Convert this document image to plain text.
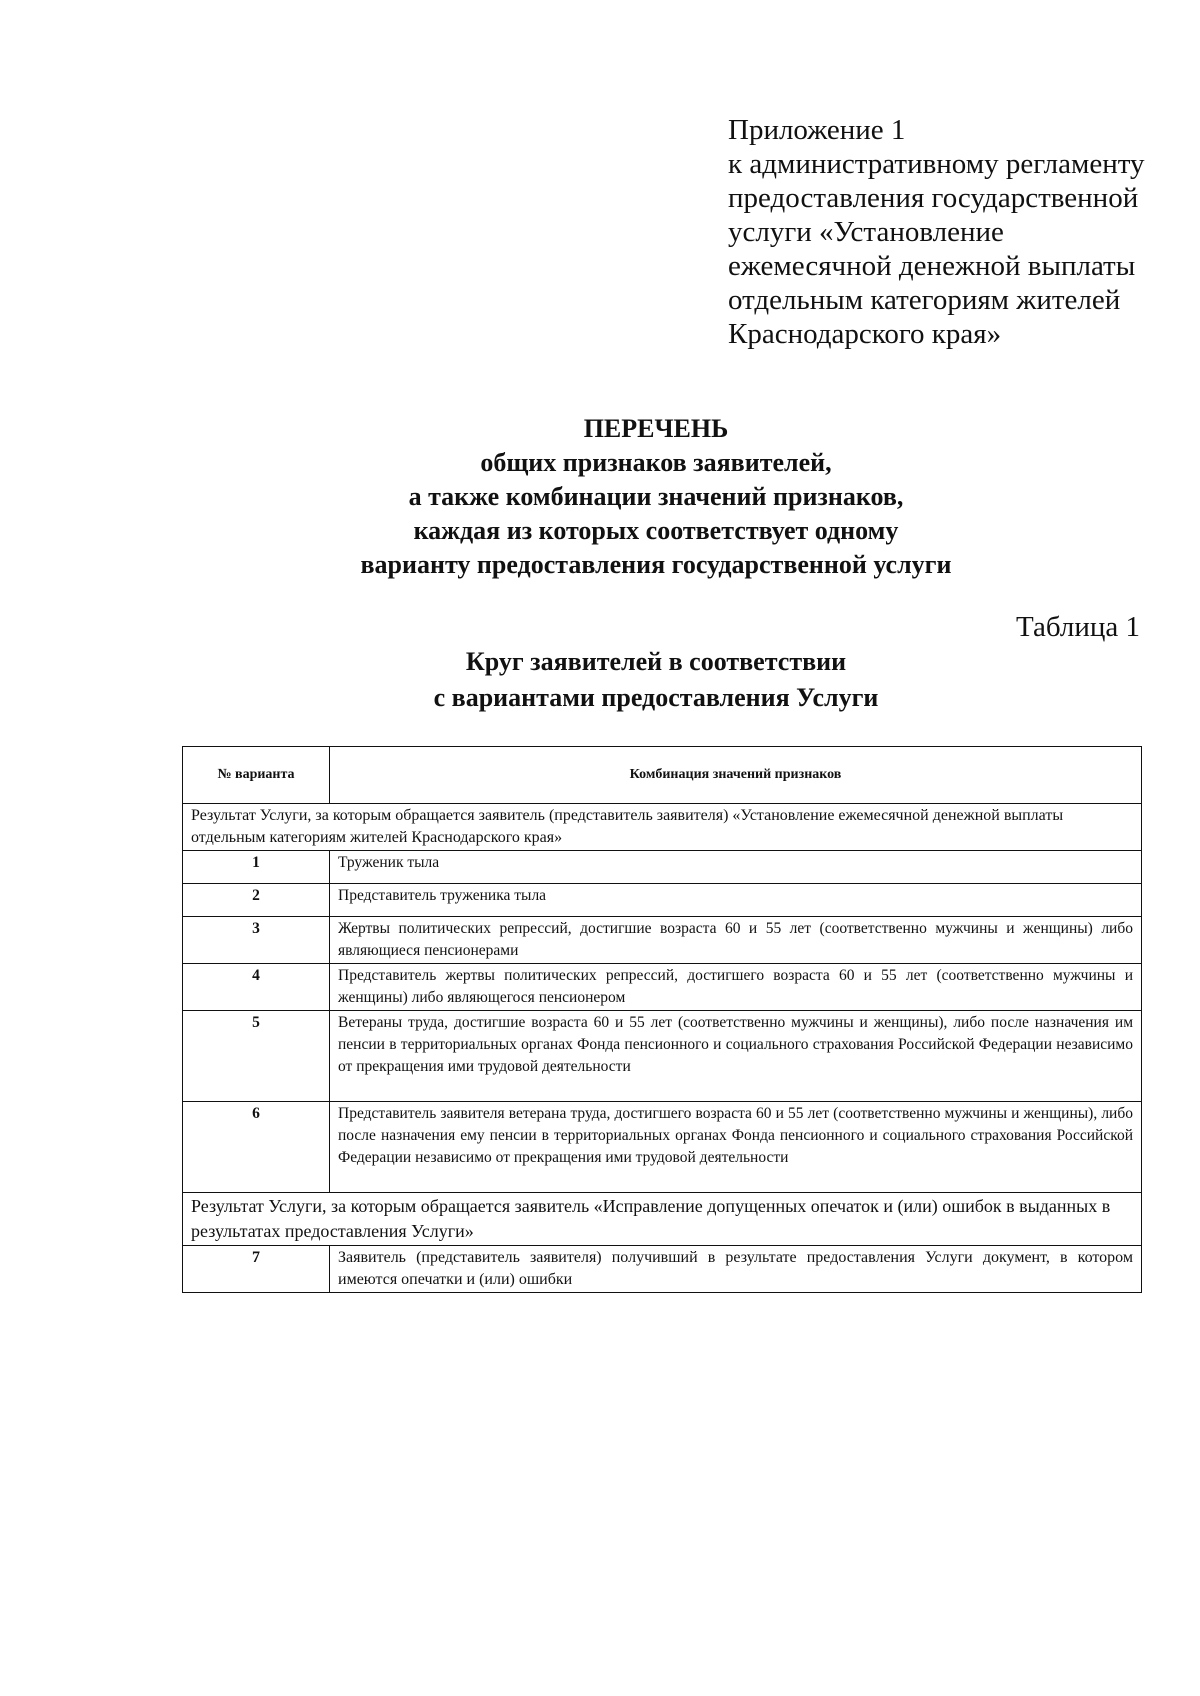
Приложение 1
к административному регламенту
предоставления государственной
услуги «Установление
ежемесячной денежной выплаты
отдельным категориям жителей
Краснодарского края»
ПЕРЕЧЕНЬ
общих признаков заявителей,
а также комбинации значений признаков,
каждая из которых соответствует одному
варианту предоставления государственной услуги
Таблица 1
Круг заявителей в соответствии
с вариантами предоставления Услуги
№ варианта	Комбинация значений признаков
Результат Услуги, за которым обращается заявитель (представитель заявителя) «Установление ежемесячной денежной выплаты отдельным категориям жителей Краснодарского края»	
1	Труженик тыла
2	Представитель труженика тыла
3	Жертвы политических репрессий, достигшие возраста 60 и 55 лет (соответственно мужчины и женщины) либо являющиеся пенсионерами
4	Представитель жертвы политических репрессий, достигшего возраста 60 и 55 лет (соответственно мужчины и женщины) либо являющегося пенсионером
5	Ветераны труда, достигшие возраста 60 и 55 лет (соответственно мужчины и женщины), либо после назначения им пенсии в территориальных органах Фонда пенсионного и социального страхования Российской Федерации независимо от прекращения ими трудовой деятельности
6	Представитель заявителя ветерана труда, достигшего возраста 60 и 55 лет (соответственно мужчины и женщины), либо после назначения ему пенсии в территориальных органах Фонда пенсионного и социального страхования Российской Федерации независимо от прекращения ими трудовой деятельности
Результат Услуги, за которым обращается заявитель «Исправление допущенных опечаток и (или) ошибок в выданных в результатах предоставления Услуги»	
7	Заявитель (представитель заявителя) получивший в результате предоставления Услуги документ, в котором имеются опечатки и (или) ошибки
